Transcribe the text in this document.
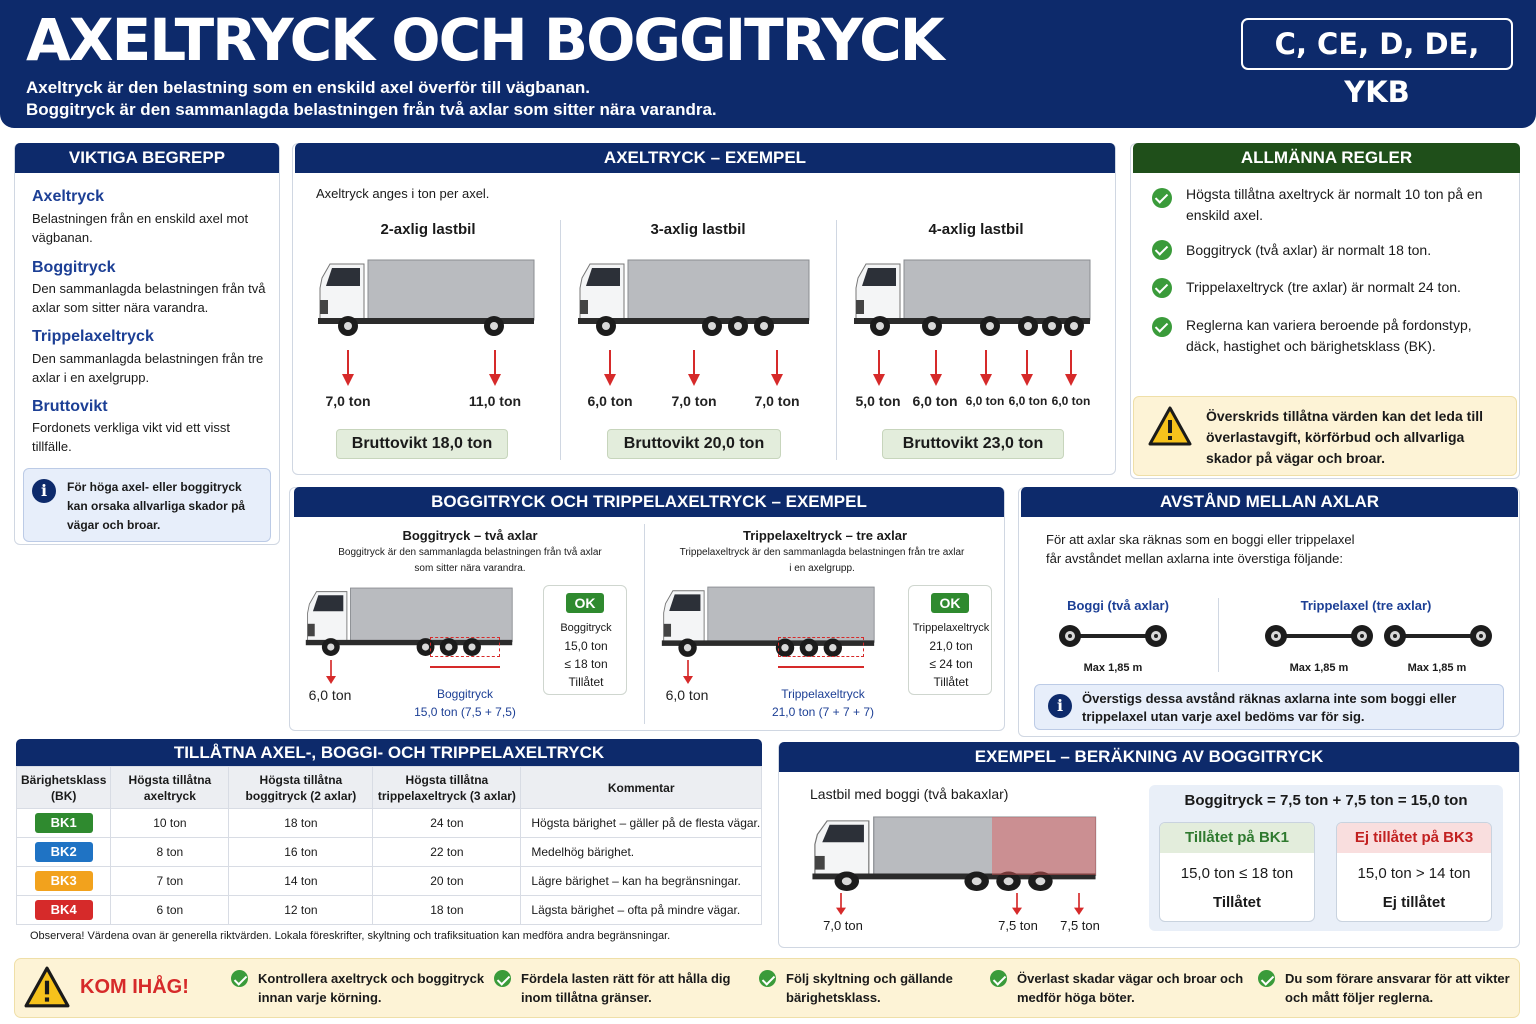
AXELTRYCK OCH BOGGITRYCK
Axeltryck är den belastning som en enskild axel överför till vägbanan.
Boggitryck är den sammanlagda belastningen från två axlar som sitter nära varandra.
C, CE, D, DE, YKB
VIKTIGA BEGREPP
Axeltryck
Belastningen från en enskild axel mot vägbanan.
Boggitryck
Den sammanlagda belastningen från två axlar som sitter nära varandra.
Trippelaxeltryck
Den sammanlagda belastningen från tre axlar i en axelgrupp.
Bruttovikt
Fordonets verkliga vikt vid ett visst tillfälle.
i	För höga axel- eller boggitryck kan orsaka allvarliga skador på vägar och broar.
AXELTRYCK – EXEMPEL
Axeltryck anges i ton per axel.
2-axlig lastbil
7,0 ton	11,0 ton
Bruttovikt 18,0 ton
3-axlig lastbil
6,0 ton	7,0 ton	7,0 ton
Bruttovikt 20,0 ton
4-axlig lastbil
5,0 ton 6,0 ton 6,0 ton 6,0 ton 6,0 ton
Bruttovikt 23,0 ton
ALLMÄNNA REGLER
Högsta tillåtna axeltryck är normalt 10 ton på en enskild axel.
Boggitryck (två axlar) är normalt 18 ton.
Trippelaxeltryck (tre axlar) är normalt 24 ton.
Reglerna kan variera beroende på fordonstyp, däck, hastighet och bärighetsklass (BK).
Överskrids tillåtna värden kan det leda till överlastavgift, körförbud och allvarliga skador på vägar och broar.
BOGGITRYCK OCH TRIPPELAXELTRYCK – EXEMPEL
Boggitryck – två axlar
Boggitryck är den sammanlagda belastningen från två axlar
som sitter nära varandra.
6,0 ton	Boggitryck
15,0 ton (7,5 + 7,5)
OK
Boggitryck
15,0 ton
≤ 18 ton
Tillåtet
Trippelaxeltryck – tre axlar
Trippelaxeltryck är den sammanlagda belastningen från tre axlar
i en axelgrupp.
6,0 ton	Trippelaxeltryck
21,0 ton (7 + 7 + 7)
OK
Trippelaxeltryck
21,0 ton
≤ 24 ton
Tillåtet
AVSTÅND MELLAN AXLAR
För att axlar ska räknas som en boggi eller trippelaxel
får avståndet mellan axlarna inte överstiga följande:
Boggi (två axlar)
Max 1,85 m
Trippelaxel (tre axlar)
Max 1,85 m	Max 1,85 m
i	Överstigs dessa avstånd räknas axlarna inte som boggi eller trippelaxel utan varje axel bedöms var för sig.
TILLÅTNA AXEL-, BOGGI- OCH TRIPPELAXELTRYCK
Bärighetsklass (BK)	Högsta tillåtna axeltryck	Högsta tillåtna boggitryck (2 axlar)	Högsta tillåtna trippelaxeltryck (3 axlar)	Kommentar
BK1	10 ton	18 ton	24 ton	Högsta bärighet – gäller på de flesta vägar.
BK2	8 ton	16 ton	22 ton	Medelhög bärighet.
BK3	7 ton	14 ton	20 ton	Lägre bärighet – kan ha begränsningar.
BK4	6 ton	12 ton	18 ton	Lägsta bärighet – ofta på mindre vägar.
Observera! Värdena ovan är generella riktvärden. Lokala föreskrifter, skyltning och trafiksituation kan medföra andra begränsningar.
EXEMPEL – BERÄKNING AV BOGGITRYCK
Lastbil med boggi (två bakaxlar)
7,0 ton	7,5 ton	7,5 ton
Boggitryck = 7,5 ton + 7,5 ton = 15,0 ton
Tillåtet på BK1
15,0 ton ≤ 18 ton
Tillåtet
Ej tillåtet på BK3
15,0 ton > 14 ton
Ej tillåtet
KOM IHÅG!	Kontrollera axeltryck och boggitryck innan varje körning.
Fördela lasten rätt för att hålla dig inom tillåtna gränser.
Följ skyltning och gällande bärighetsklass.
Överlast skadar vägar och broar och medför höga böter.
Du som förare ansvarar för att vikter och mått följer reglerna.
